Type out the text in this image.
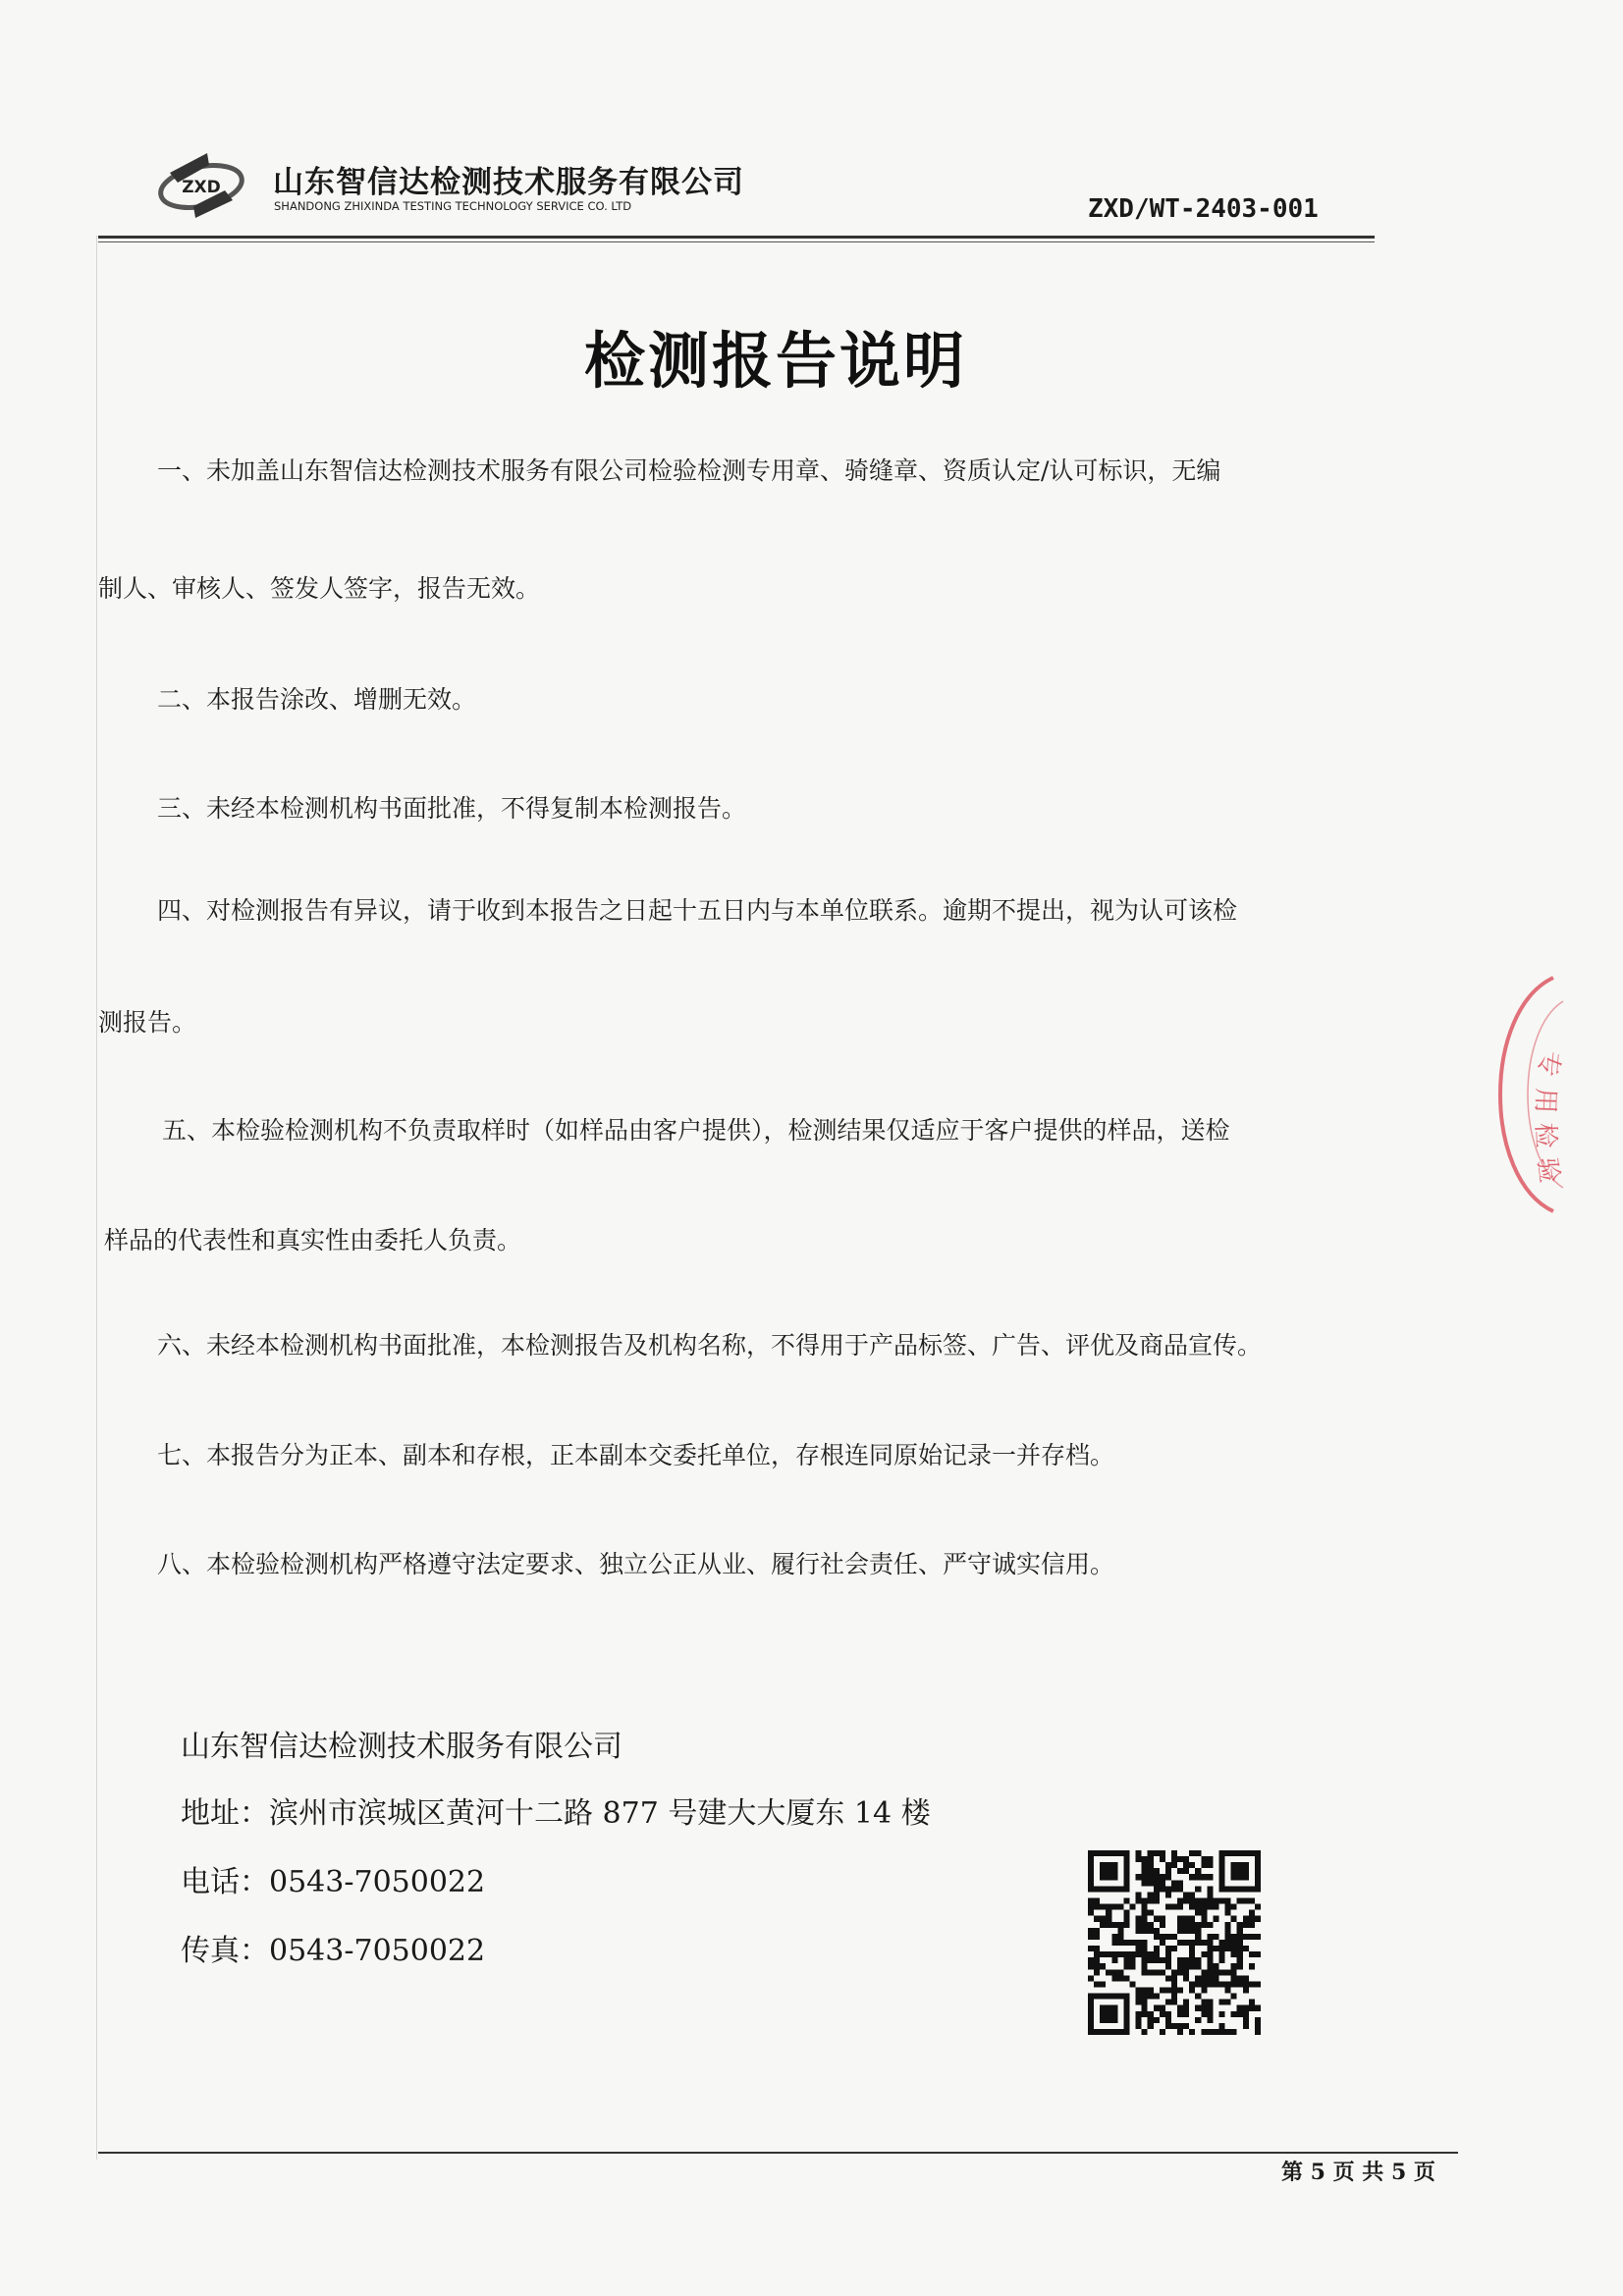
ZXD 山东智信达检测技术服务有限公司
SHANDONG ZHIXINDA TESTING TECHNOLOGY SERVICE CO. LTD	ZXD/WT-2403-001
检测报告说明
一、未加盖山东智信达检测技术服务有限公司检验检测专用章、骑缝章、资质认定/认可标识，无编
制人、审核人、签发人签字，报告无效。
二、本报告涂改、增删无效。
三、未经本检测机构书面批准，不得复制本检测报告。
四、对检测报告有异议，请于收到本报告之日起十五日内与本单位联系。逾期不提出，视为认可该检
测报告。
五、本检验检测机构不负责取样时（如样品由客户提供），检测结果仅适应于客户提供的样品，送检
样品的代表性和真实性由委托人负责。
六、未经本检测机构书面批准，本检测报告及机构名称，不得用于产品标签、广告、评优及商品宣传。
七、本报告分为正本、副本和存根，正本副本交委托单位，存根连同原始记录一并存档。
八、本检验检测机构严格遵守法定要求、独立公正从业、履行社会责任、严守诚实信用。
山东智信达检测技术服务有限公司
地址：滨州市滨城区黄河十二路 877 号建大大厦东 14 楼
电话：0543-7050022
传真：0543-7050022
专
用
检
验
第 5 页 共 5 页
